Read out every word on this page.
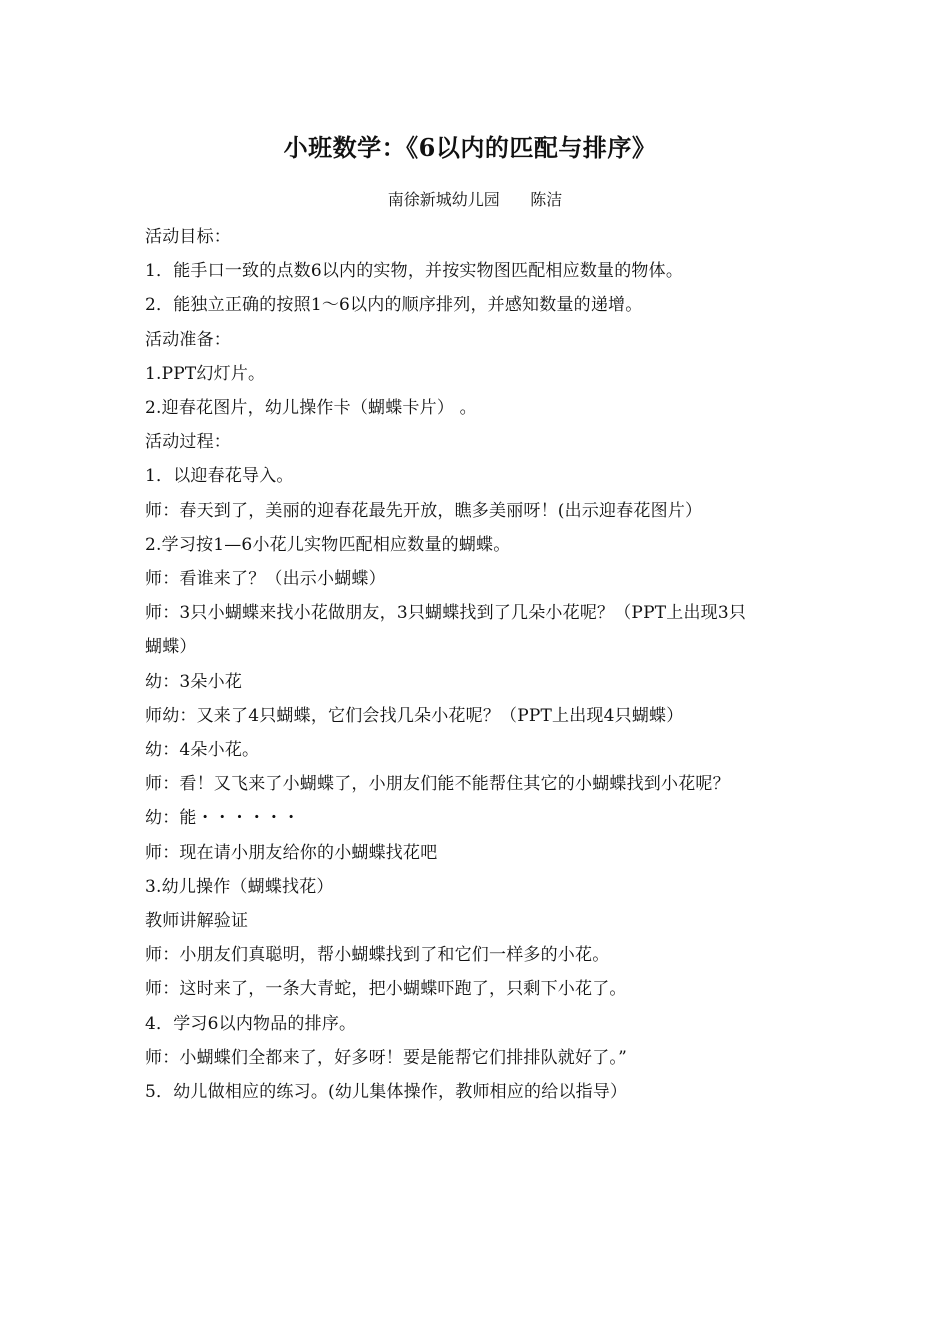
小班数学：《6以内的匹配与排序》
南徐新城幼儿园      陈洁
活动目标：
1．能手口一致的点数6以内的实物，并按实物图匹配相应数量的物体。
2．能独立正确的按照1～6以内的顺序排列，并感知数量的递增。
活动准备：
1.PPT幻灯片。
2.迎春花图片，幼儿操作卡（蝴蝶卡片） 。
活动过程：
1．以迎春花导入。
师：春天到了，美丽的迎春花最先开放，瞧多美丽呀！(出示迎春花图片）
2.学习按1—6小花儿实物匹配相应数量的蝴蝶。
师：看谁来了？（出示小蝴蝶）
师：3只小蝴蝶来找小花做朋友，3只蝴蝶找到了几朵小花呢？（PPT上出现3只
蝴蝶）
幼：3朵小花
师幼：又来了4只蝴蝶，它们会找几朵小花呢？（PPT上出现4只蝴蝶）
幼：4朵小花。
师：看！又飞来了小蝴蝶了，小朋友们能不能帮住其它的小蝴蝶找到小花呢？
幼：能・・・・・・
师：现在请小朋友给你的小蝴蝶找花吧
3.幼儿操作（蝴蝶找花）
教师讲解验证
师：小朋友们真聪明，帮小蝴蝶找到了和它们一样多的小花。
师：这时来了，一条大青蛇，把小蝴蝶吓跑了，只剩下小花了。
4．学习6以内物品的排序。
师：小蝴蝶们全都来了，好多呀！要是能帮它们排排队就好了。”
5．幼儿做相应的练习。(幼儿集体操作，教师相应的给以指导）
